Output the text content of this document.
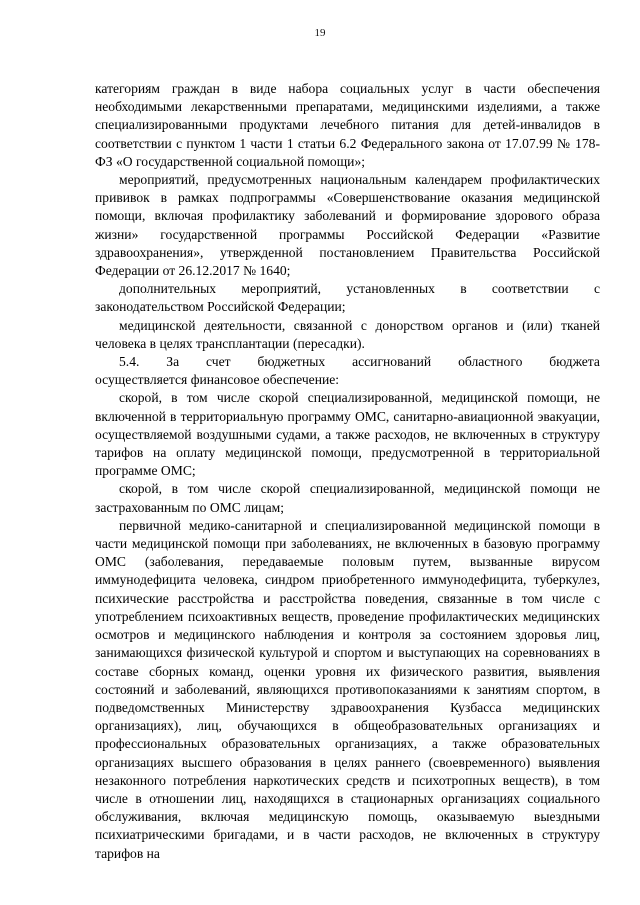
19

категориям граждан в виде набора социальных услуг в части обеспечения необходимыми лекарственными препаратами, медицинскими изделиями, а также специализированными продуктами лечебного питания для детей-инвалидов в соответствии с пунктом 1 части 1 статьи 6.2 Федерального закона от 17.07.99 № 178-ФЗ «О государственной социальной помощи»;

мероприятий, предусмотренных национальным календарем профилактических прививок в рамках подпрограммы «Совершенствование оказания медицинской помощи, включая профилактику заболеваний и формирование здорового образа жизни» государственной программы Российской Федерации «Развитие здравоохранения», утвержденной постановлением Правительства Российской Федерации от 26.12.2017 № 1640;

дополнительных мероприятий, установленных в соответствии с законодательством Российской Федерации;

медицинской деятельности, связанной с донорством органов и (или) тканей человека в целях трансплантации (пересадки).

5.4. За счет бюджетных ассигнований областного бюджета

осуществляется финансовое обеспечение:

скорой, в том числе скорой специализированной, медицинской помощи, не включенной в территориальную программу ОМС, санитарно-авиационной эвакуации, осуществляемой воздушными судами, а также расходов, не включенных в структуру тарифов на оплату медицинской помощи, предусмотренной в территориальной программе ОМС;

скорой, в том числе скорой специализированной, медицинской помощи не застрахованным по ОМС лицам;

первичной медико-санитарной и специализированной медицинской помощи в части медицинской помощи при заболеваниях, не включенных в базовую программу ОМС (заболевания, передаваемые половым путем, вызванные вирусом иммунодефицита человека, синдром приобретенного иммунодефицита, туберкулез, психические расстройства и расстройства поведения, связанные в том числе с употреблением психоактивных веществ, проведение профилактических медицинских осмотров и медицинского наблюдения и контроля за состоянием здоровья лиц, занимающихся физической культурой и спортом и выступающих на соревнованиях в составе сборных команд, оценки уровня их физического развития, выявления состояний и заболеваний, являющихся противопоказаниями к занятиям спортом, в подведомственных Министерству здравоохранения Кузбасса медицинских организациях), лиц, обучающихся в общеобразовательных организациях и профессиональных образовательных организациях, а также образовательных организациях высшего образования в целях раннего (своевременного) выявления незаконного потребления наркотических средств и психотропных веществ), в том числе в отношении лиц, находящихся в стационарных организациях социального обслуживания, включая медицинскую помощь, оказываемую выездными психиатрическими бригадами, и в части расходов, не включенных в структуру тарифов на
